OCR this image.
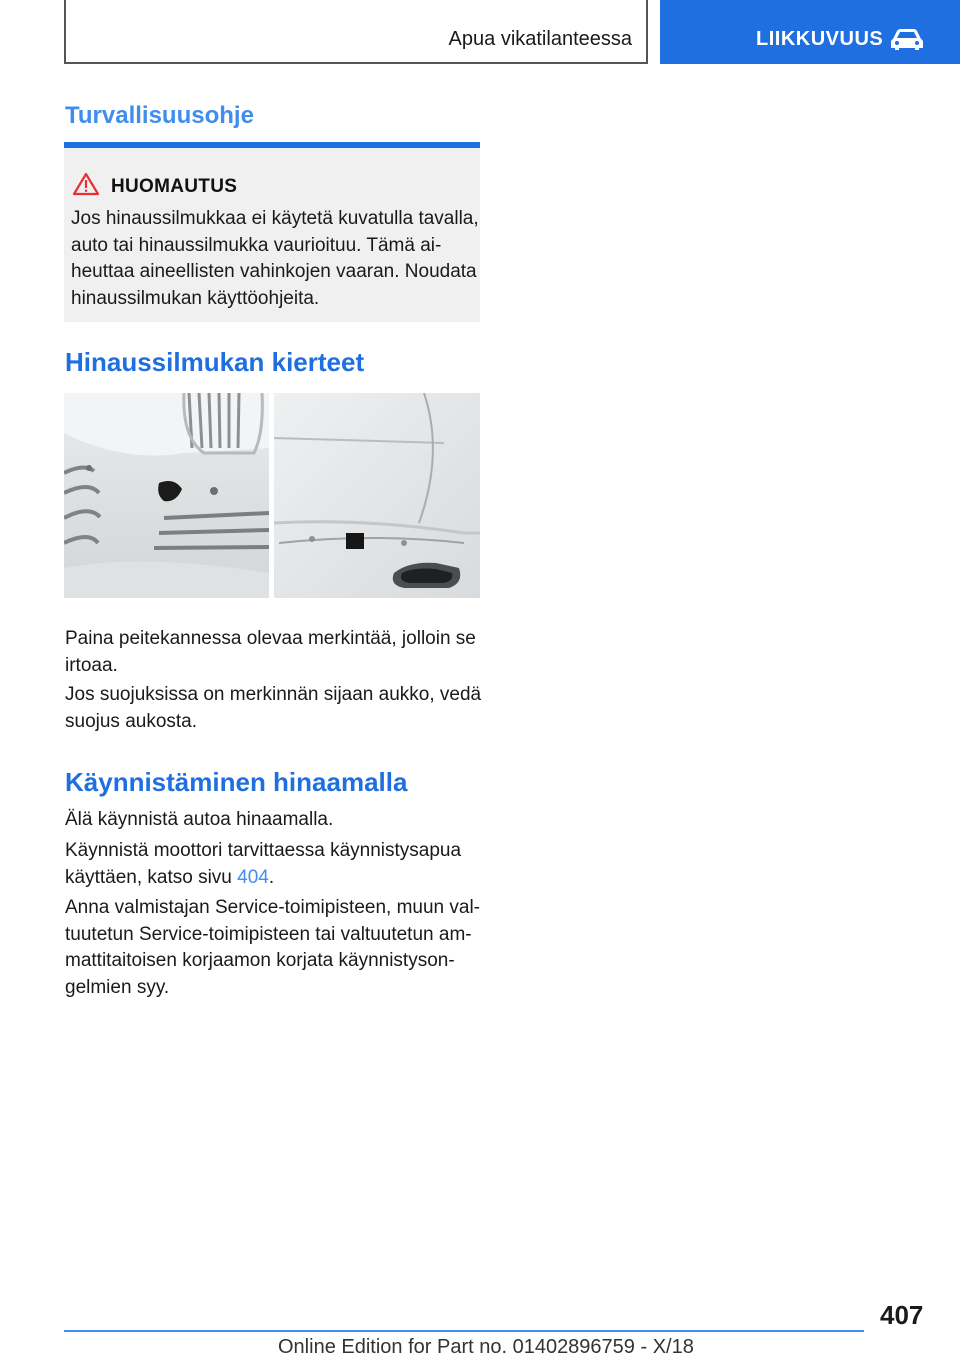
Apua vikatilanteessa	LIIKKUVUUS
Turvallisuusohje
HUOMAUTUS
Jos hinaussilmukkaa ei käytetä kuvatulla tavalla,
auto tai hinaussilmukka vaurioituu. Tämä ai‐
heuttaa aineellisten vahinkojen vaaran. Noudata
hinaussilmukan käyttöohjeita.
Hinaussilmukan kierteet
Paina peitekannessa olevaa merkintää, jolloin se
irtoaa.
Jos suojuksissa on merkinnän sijaan aukko, vedä
suojus aukosta.
Käynnistäminen hinaamalla
Älä käynnistä autoa hinaamalla.
Käynnistä moottori tarvittaessa käynnistysapua
käyttäen, katso sivu 404.
Anna valmistajan Service-toimipisteen, muun val‐
tuutetun Service-toimipisteen tai valtuutetun am‐
mattitaitoisen korjaamon korjata käynnistyson‐
gelmien syy.
407
Online Edition for Part no. 01402896759 - X/18
